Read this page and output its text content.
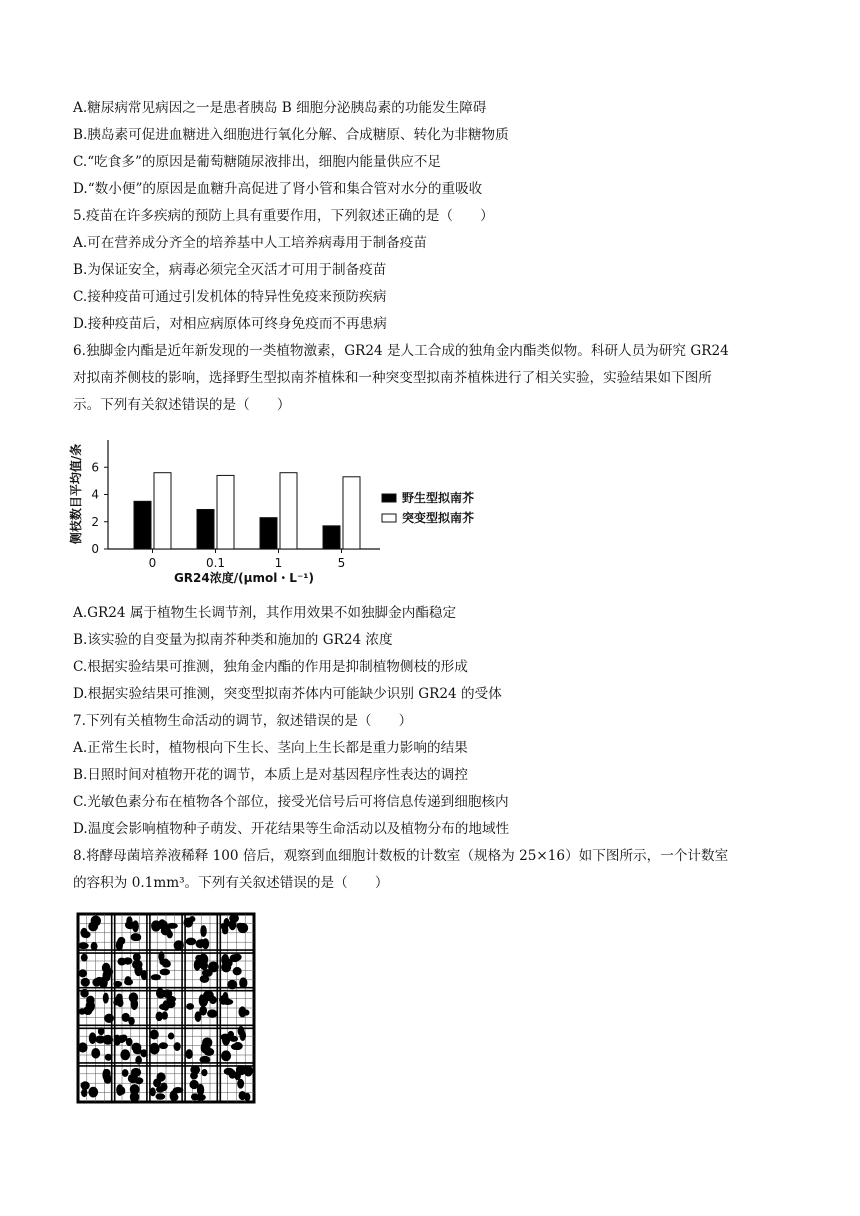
A.糖尿病常见病因之一是患者胰岛 B 细胞分泌胰岛素的功能发生障碍
B.胰岛素可促进血糖进入细胞进行氧化分解、合成糖原、转化为非糖物质
C.“吃食多”的原因是葡萄糖随尿液排出，细胞内能量供应不足
D.“数小便”的原因是血糖升高促进了肾小管和集合管对水分的重吸收
5.疫苗在许多疾病的预防上具有重要作用，下列叙述正确的是（　　）
A.可在营养成分齐全的培养基中人工培养病毒用于制备疫苗
B.为保证安全，病毒必须完全灭活才可用于制备疫苗
C.接种疫苗可通过引发机体的特异性免疫来预防疾病
D.接种疫苗后，对相应病原体可终身免疫而不再患病
6.独脚金内酯是近年新发现的一类植物激素，GR24 是人工合成的独角金内酯类似物。科研人员为研究 GR24
对拟南芥侧枝的影响，选择野生型拟南芥植株和一种突变型拟南芥植株进行了相关实验，实验结果如下图所
示。下列有关叙述错误的是（　　）
0
2
4
6
侧枝数目平均值/条
0	0.1	1	5
GR24浓度/(μmol・L⁻¹)
野生型拟南芥
突变型拟南芥
A.GR24 属于植物生长调节剂，其作用效果不如独脚金内酯稳定
B.该实验的自变量为拟南芥种类和施加的 GR24 浓度
C.根据实验结果可推测，独角金内酯的作用是抑制植物侧枝的形成
D.根据实验结果可推测，突变型拟南芥体内可能缺少识别 GR24 的受体
7.下列有关植物生命活动的调节，叙述错误的是（　　）
A.正常生长时，植物根向下生长、茎向上生长都是重力影响的结果
B.日照时间对植物开花的调节，本质上是对基因程序性表达的调控
C.光敏色素分布在植物各个部位，接受光信号后可将信息传递到细胞核内
D.温度会影响植物种子萌发、开花结果等生命活动以及植物分布的地域性
8.将酵母菌培养液稀释 100 倍后，观察到血细胞计数板的计数室（规格为 25×16）如下图所示，一个计数室
的容积为 0.1mm³。下列有关叙述错误的是（　　）
